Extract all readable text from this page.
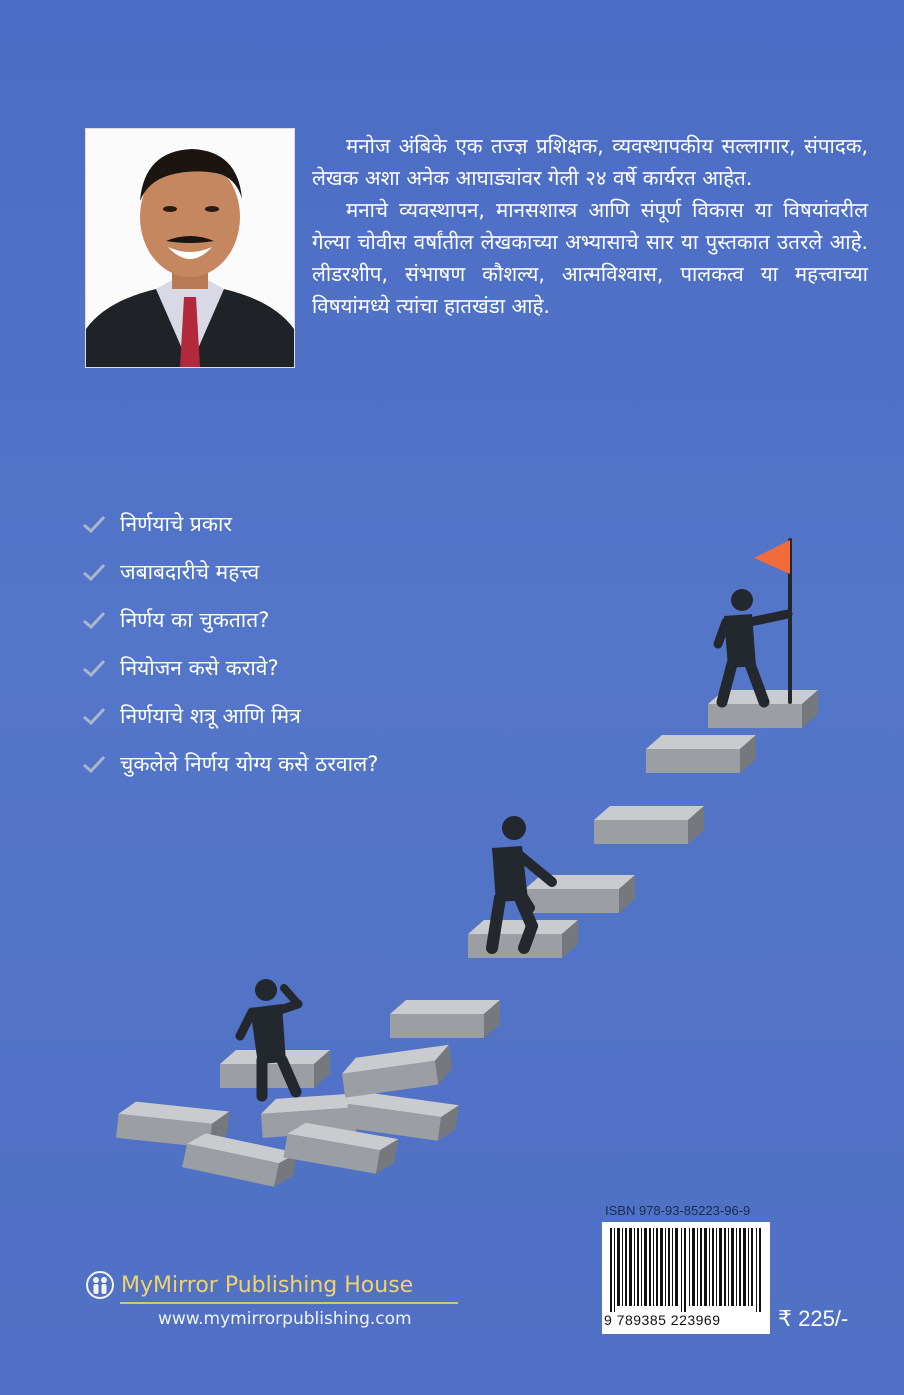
मनोज अंबिके एक तज्ज्ञ प्रशिक्षक, व्यवस्थापकीय सल्लागार, संपादक, लेखक अशा अनेक आघाड्यांवर गेली २४ वर्षे कार्यरत आहेत.

मनाचे व्यवस्थापन, मानसशास्त्र आणि संपूर्ण विकास या विषयांवरील गेल्या चोवीस वर्षांतील लेखकाच्या अभ्यासाचे सार या पुस्तकात उतरले आहे. लीडरशीप, संभाषण कौशल्य, आत्मविश्वास, पालकत्व या महत्त्वाच्या विषयांमध्ये त्यांचा हातखंडा आहे.

निर्णयाचे प्रकार
जबाबदारीचे महत्त्व
निर्णय का चुकतात?
नियोजन कसे करावे?
निर्णयाचे शत्रू आणि मित्र
चुकलेले निर्णय योग्य कसे ठरवाल?
ISBN 978-93-85223-96-9
9 789385 223969	₹ 225/-
MyMirror Publishing House
www.mymirrorpublishing.com
